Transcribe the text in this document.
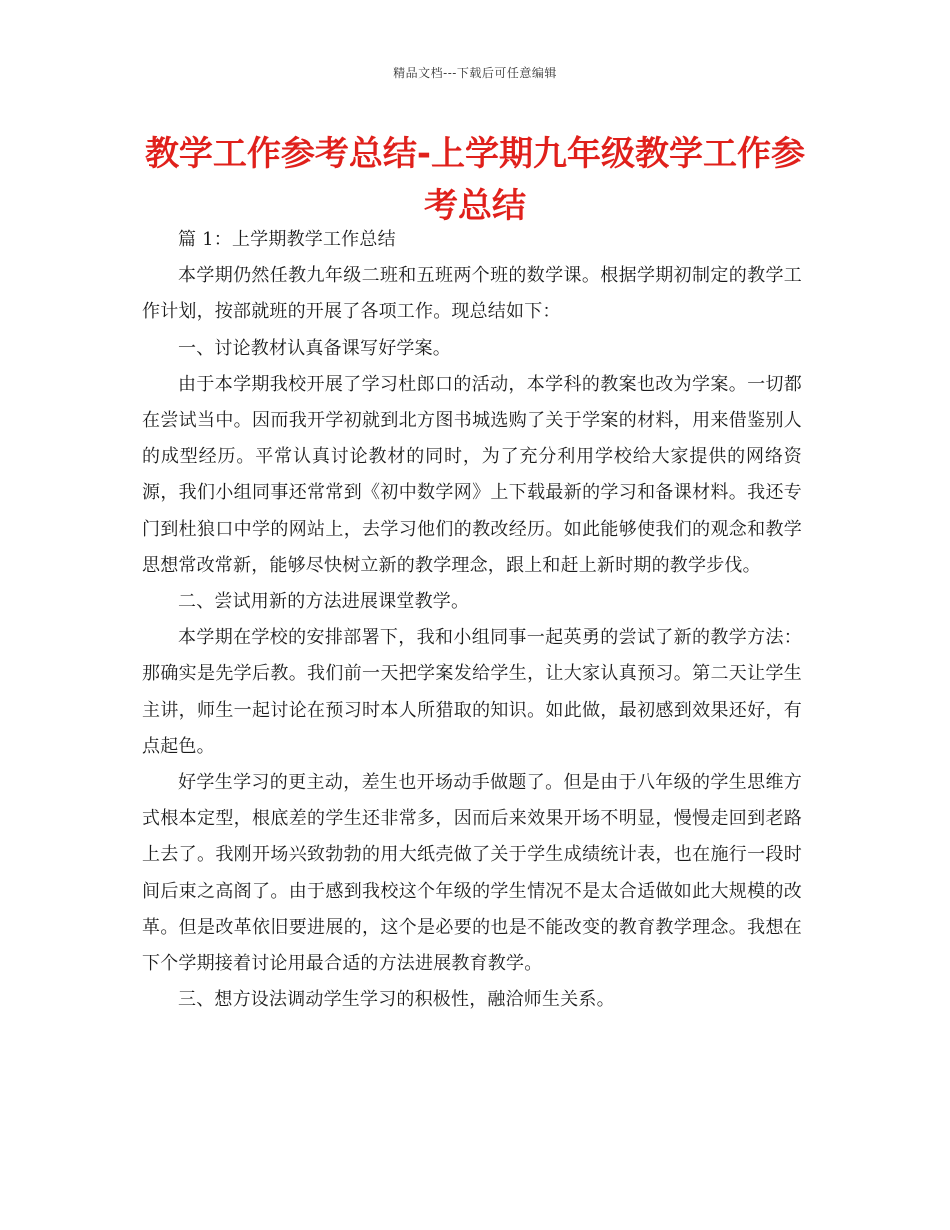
精品文档---下载后可任意编辑
教学工作参考总结-上学期九年级教学工作参考总结

篇 1：上学期教学工作总结

本学期仍然任教九年级二班和五班两个班的数学课。根据学期初制定的教学工作计划，按部就班的开展了各项工作。现总结如下：

一、讨论教材认真备课写好学案。

由于本学期我校开展了学习杜郎口的活动，本学科的教案也改为学案。一切都在尝试当中。因而我开学初就到北方图书城选购了关于学案的材料，用来借鉴别人的成型经历。平常认真讨论教材的同时，为了充分利用学校给大家提供的网络资源，我们小组同事还常常到《初中数学网》上下载最新的学习和备课材料。我还专门到杜狼口中学的网站上，去学习他们的教改经历。如此能够使我们的观念和教学思想常改常新，能够尽快树立新的教学理念，跟上和赶上新时期的教学步伐。

二、尝试用新的方法进展课堂教学。

本学期在学校的安排部署下，我和小组同事一起英勇的尝试了新的教学方法：那确实是先学后教。我们前一天把学案发给学生，让大家认真预习。第二天让学生主讲，师生一起讨论在预习时本人所猎取的知识。如此做，最初感到效果还好，有点起色。

好学生学习的更主动，差生也开场动手做题了。但是由于八年级的学生思维方式根本定型，根底差的学生还非常多，因而后来效果开场不明显，慢慢走回到老路上去了。我刚开场兴致勃勃的用大纸壳做了关于学生成绩统计表，也在施行一段时间后束之高阁了。由于感到我校这个年级的学生情况不是太合适做如此大规模的改革。但是改革依旧要进展的，这个是必要的也是不能改变的教育教学理念。我想在下个学期接着讨论用最合适的方法进展教育教学。

三、想方设法调动学生学习的积极性，融洽师生关系。
